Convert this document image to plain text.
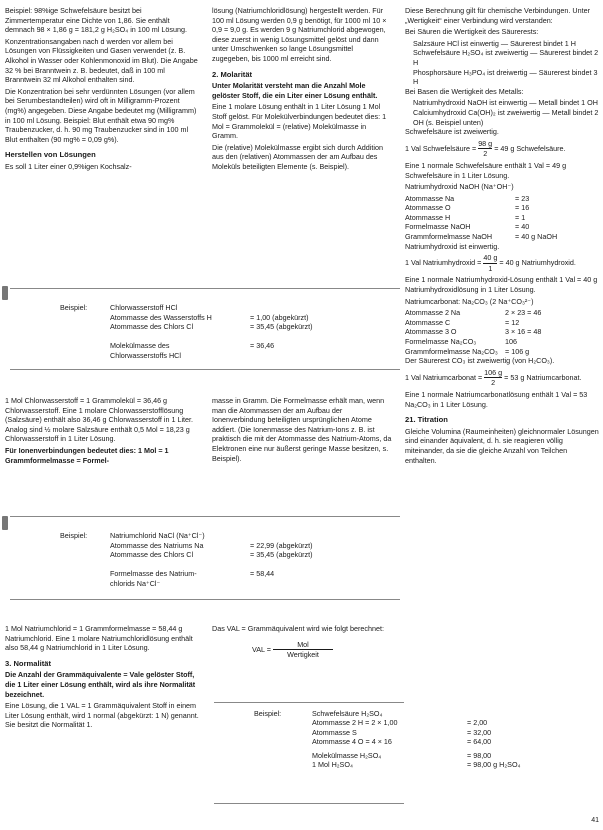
Beispiel: 98%ige Schwefelsäure besitzt bei Zimmertemperatur eine Dichte von 1,86. Sie enthält demnach 98 × 1,86 g = 181,2 g H₂SO₄ in 100 ml Lösung.

Konzentrationsangaben nach d werden vor allem bei Lösungen von Flüssigkeiten und Gasen verwendet (z. B. Alkohol in Wasser oder Kohlenmonoxid im Blut). Die Angabe 32 % bei Branntwein z. B. bedeutet, daß in 100 ml Branntwein 32 ml Alkohol enthalten sind.

Die Konzentration bei sehr verdünnten Lösungen (vor allem bei Serumbestandteilen) wird oft in Milligramm-Prozent (mg%) angegeben. Diese Angabe bedeutet mg (Milligramm) in 100 ml Lösung. Beispiel: Blut enthält etwa 90 mg% Traubenzucker, d. h. 90 mg Traubenzucker sind in 100 ml Blut enthalten (90 mg% = 0,09 g%).

Herstellen von Lösungen

Es soll 1 Liter einer 0,9%igen Kochsalz-

lösung (Natriumchloridlösung) hergestellt werden. Für 100 ml Lösung werden 0,9 g benötigt, für 1000 ml 10 × 0,9 = 9,0 g. Es werden 9 g Natriumchlorid abgewogen, diese zuerst in wenig Lösungsmittel gelöst und dann unter Umschwenken so lange Lösungsmittel zugegeben, bis 1000 ml erreicht sind.

2. Molarität

Unter Molarität versteht man die Anzahl Mole gelöster Stoff, die ein Liter einer Lösung enthält.

Eine 1 molare Lösung enthält in 1 Liter Lösung 1 Mol Stoff gelöst. Für Molekülverbindungen bedeutet dies: 1 Mol = Grammolekül = (relative) Molekülmasse in Gramm.

Die (relative) Molekülmasse ergibt sich durch Addition aus den (relativen) Atommassen der am Aufbau des Moleküls beteiligten Elemente (s. Beispiel).

Diese Berechnung gilt für chemische Verbindungen. Unter „Wertigkeit“ einer Verbindung wird verstanden:

Bei Säuren die Wertigkeit des Säurerests:

Salzsäure HCl ist einwertig — Säurerest bindet 1 H

Schwefelsäure H₂SO₄ ist zweiwertig — Säurerest bindet 2 H

Phosphorsäure H₃PO₄ ist dreiwertig — Säurerest bindet 3 H

Bei Basen die Wertigkeit des Metalls:

Natriumhydroxid NaOH ist einwertig — Metall bindet 1 OH

Calciumhydroxid Ca(OH)₂ ist zweiwertig — Metall bindet 2 OH (s. Beispiel unten)

Schwefelsäure ist zweiwertig.

1 Val Schwefelsäure = $\frac{98 g}{2} = 49$ g Schwefelsäure.

Eine 1 normale Schwefelsäure enthält 1 Val = 49 g Schwefelsäure in 1 Liter Lösung.

Natriumhydroxid NaOH (Na⁺OH⁻)

Atommasse Na	= 23
Atommasse O	= 16
Atommasse H	= 1
Formelmasse NaOH	= 40
Grammformelmasse NaOH	= 40 g NaOH

Natriumhydroxid ist einwertig.

1 Val Natriumhydroxid = $\frac{40 g}{1} = 40$ g Natriumhydroxid.

Eine 1 normale Natriumhydroxid-Lösung enthält 1 Val = 40 g Natriumhydroxidlösung in 1 Liter Lösung.

Natriumcarbonat: Na₂CO₃ (2 Na⁺CO₃²⁻)

Atommasse 2 Na	2 × 23 = 46
Atommasse C	= 12
Atommasse 3 O	3 × 16 = 48
Formelmasse Na₂CO₃	106
Grammformelmasse Na₂CO₃ = 106 g

Der Säurerest CO₃ ist zweiwertig (von H₂CO₃).

1 Val Natriumcarbonat = $\frac{106 g}{2} = 53$ g Natriumcarbonat.

Eine 1 normale Natriumcarbonatlösung enthält 1 Val = 53 Na₂CO₃ in 1 Liter Lösung.

21. Titration

Gleiche Volumina (Raumeinheiten) gleichnormaler Lösungen sind einander äquivalent, d. h. sie reagieren völlig miteinander, da sie die gleiche Anzahl von Teilchen enthalten.

Beispiel:	Chlorwasserstoff HCl
Atommasse des Wasserstoffs H	= 1,00 (abgekürzt)
Atommasse des Chlors Cl	= 35,45 (abgekürzt)
Molekülmasse des	= 36,46
Chlorwasserstoffs HCl

1 Mol Chlorwasserstoff = 1 Grammolekül = 36,46 g Chlorwasserstoff. Eine 1 molare Chlorwasserstofflösung (Salzsäure) enthält also 36,46 g Chlorwasserstoff in 1 Liter. Analog sind ½ molare Salzsäure enthält 0,5 Mol = 18,23 g Chlorwasserstoff in 1 Liter Lösung.

Für Ionenverbindungen bedeutet dies: 1 Mol = 1 Grammformelmasse = Formel-

masse in Gramm. Die Formelmasse erhält man, wenn man die Atommassen der am Aufbau der Ionenverbindung beteiligten ursprünglichen Atome addiert. (Die Ionenmasse des Natrium-Ions z. B. ist praktisch die mit der Atommasse des Natrium-Atoms, da Elektronen eine nur äußerst geringe Masse besitzen, s. Beispiel).

Beispiel:	Natriumchlorid NaCl (Na⁺Cl⁻)
Atommasse des Natriums Na	= 22,99 (abgekürzt)
Atommasse des Chlors Cl	= 35,45 (abgekürzt)
Formelmasse des Natrium-	= 58,44
chlorids Na⁺Cl⁻

1 Mol Natriumchlorid = 1 Grammformelmasse = 58,44 g Natriumchlorid. Eine 1 molare Natriumchloridlösung enthält also 58,44 g Natriumchlorid in 1 Liter Lösung.

3. Normalität

Die Anzahl der Grammäquivalente = Vale gelöster Stoff, die 1 Liter einer Lösung enthält, wird als ihre Normalität bezeichnet.

Eine Lösung, die 1 VAL = 1 Grammäquivalent Stoff in einem Liter Lösung enthält, wird 1 normal (abgekürzt: 1 N) genannt. Sie besitzt die Normalität 1.

Das VAL = Grammäquivalent wird wie folgt berechnet:

VAL = $\frac{\text{Mol}}{\text{Wertigkeit}}$

Beispiel:	Schwefelsäure H₂SO₄
Atommasse 2 H = 2 × 1,00	= 2,00
Atommasse S	= 32,00
Atommasse 4 O = 4 × 16	= 64,00
Molekülmasse H₂SO₄	= 98,00
1 Mol H₂SO₄	= 98,00 g H₂SO₄
41
